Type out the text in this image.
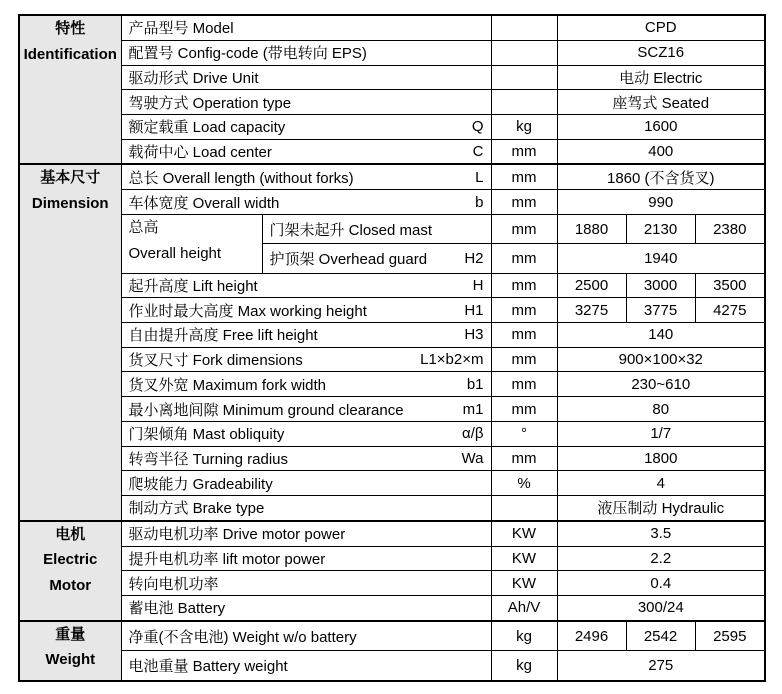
特性
Identification	产品型号 Model			CPD		

	配置号 Config-code (带电转向 EPS)			SCZ16		

	驱动形式 Drive Unit			电动 Electric		

	驾驶方式 Operation type			座驾式 Seated		

	额定载重 Load capacity Q		kg	1600		

	载荷中心 Load center C		mm	400		

基本尺寸
Dimension

总长 Overall length (without forks)	L	mm	1860 (不含货叉)

	车体宽度 Overall width b		mm	990		

	总高
Overall height	门架未起升 Closed mast	mm	1880	2130	2380

		护顶架 Overhead guard H2	mm	1940		

	起升高度 Lift height H		mm	2500	3000	3500

	作业时最大高度 Max working height H1		mm	3275	3775	4275

	自由提升高度 Free lift height H3		mm	140		

	货叉尺寸 Fork dimensions L1×b2×m		mm	900×100×32		

	货叉外宽 Maximum fork width b1		mm	230~610		

	最小离地间隙 Minimum ground clearance m1		mm	80		

	门架倾角 Mast obliquity α/β		°	1/7		

	转弯半径 Turning radius Wa		mm	1800		

	爬坡能力 Gradeability		%	4		

	制动方式 Brake type			液压制动 Hydraulic		

电机
Electric
Motor	驱动电机功率 Drive motor power		KW	3.5		

	提升电机功率 lift motor power		KW	2.2		

	转向电机功率		KW	0.4		

	蓄电池 Battery		Ah/V	300/24		

重量
Weight	净重(不含电池) Weight w/o battery		kg	2496	2542	2595

	电池重量 Battery weight		kg	275		
